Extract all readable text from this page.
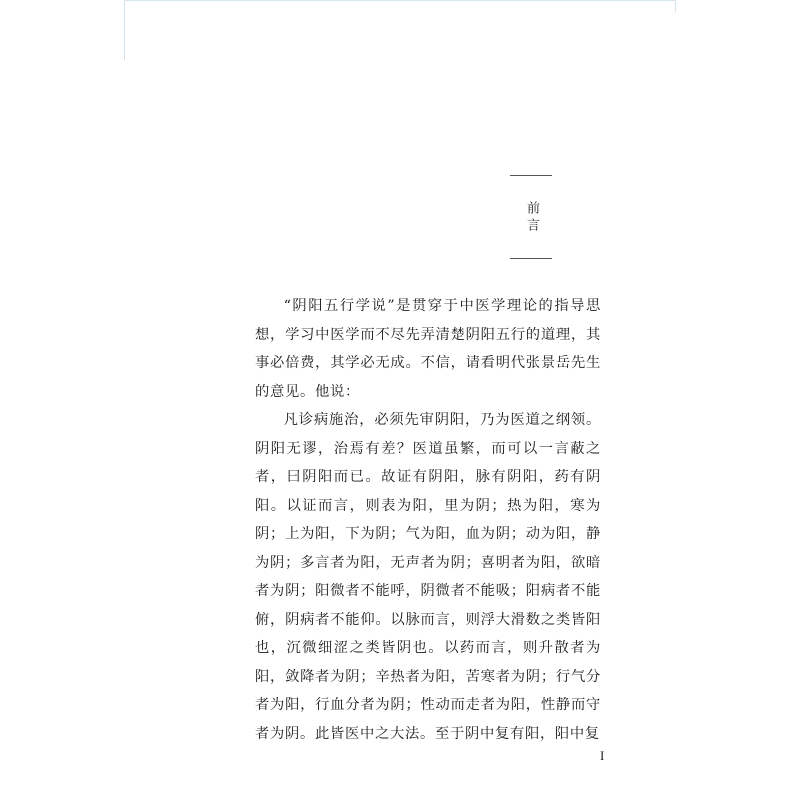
前言

“阴阳五行学说”是贯穿于中医学理论的指导思想，学习中医学而不尽先弄清楚阴阳五行的道理，其事必倍费，其学必无成。不信，请看明代张景岳先生的意见。他说：

凡诊病施治，必须先审阴阳，乃为医道之纲领。阴阳无谬，治焉有差？医道虽繁，而可以一言蔽之者，曰阴阳而已。故证有阴阳，脉有阴阳，药有阴阳。以证而言，则表为阳，里为阴；热为阳，寒为阴；上为阳，下为阴；气为阳，血为阴；动为阳，静为阴；多言者为阳，无声者为阴；喜明者为阳，欲暗者为阴；阳微者不能呼，阴微者不能吸；阳病者不能俯，阴病者不能仰。以脉而言，则浮大滑数之类皆阳也，沉微细涩之类皆阴也。以药而言，则升散者为阳，敛降者为阴；辛热者为阳，苦寒者为阴；行气分者为阳，行血分者为阴；性动而走者为阳，性静而守者为阴。此皆医中之大法。至于阴中复有阳，阳中复

I
